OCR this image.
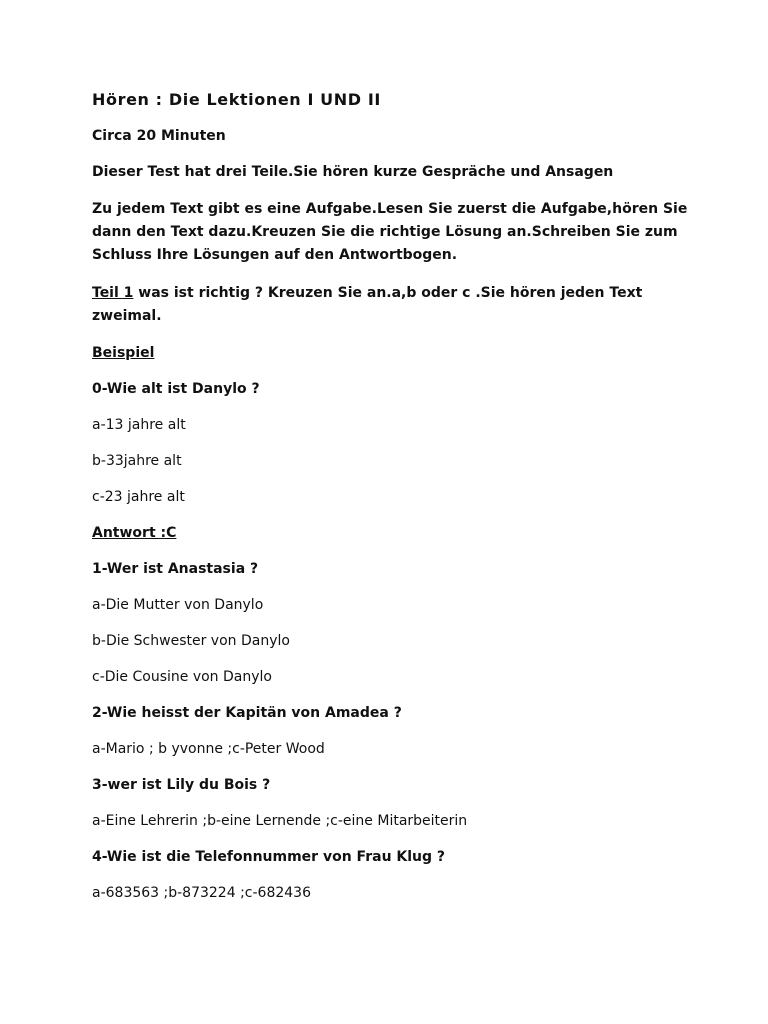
Hören : Die Lektionen I UND II
Circa 20 Minuten
Dieser Test hat drei Teile.Sie hören kurze Gespräche und Ansagen
Zu jedem Text gibt es eine Aufgabe.Lesen Sie zuerst die Aufgabe,hören Sie
dann den Text dazu.Kreuzen Sie die richtige Lösung an.Schreiben Sie zum
Schluss Ihre Lösungen auf den Antwortbogen.
Teil 1 was ist richtig ? Kreuzen Sie an.a,b oder c .Sie hören jeden Text
zweimal.
Beispiel
0-Wie alt ist Danylo ?
a-13 jahre alt
b-33jahre alt
c-23 jahre alt
Antwort :C
1-Wer ist Anastasia ?
a-Die Mutter von Danylo
b-Die Schwester von Danylo
c-Die Cousine von Danylo
2-Wie heisst der Kapitän von Amadea ?
a-Mario ; b yvonne ;c-Peter Wood
3-wer ist Lily du Bois ?
a-Eine Lehrerin ;b-eine Lernende ;c-eine Mitarbeiterin
4-Wie ist die Telefonnummer von Frau Klug ?
a-683563 ;b-873224 ;c-682436
